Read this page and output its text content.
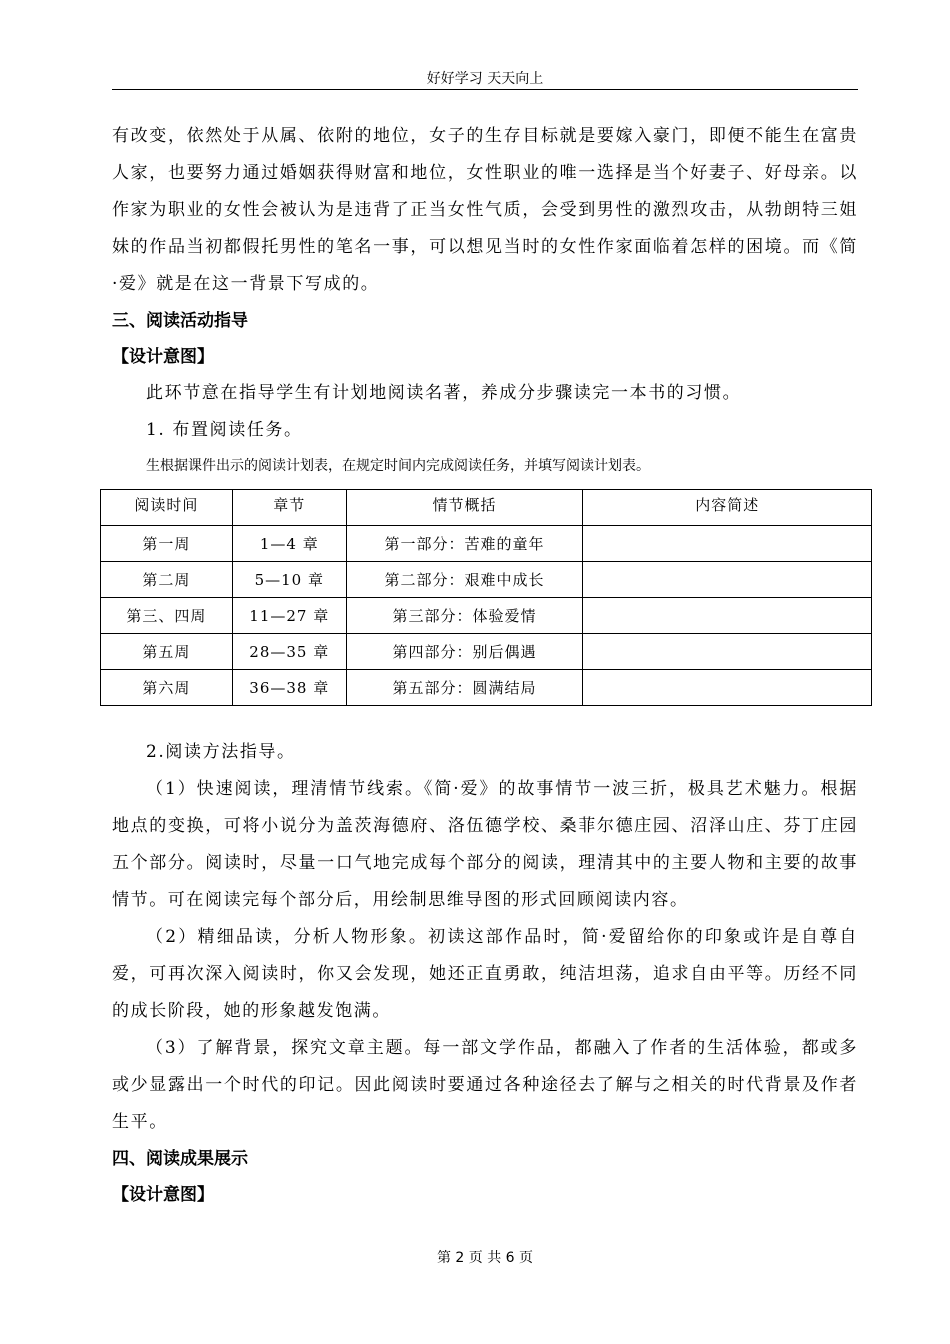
好好学习 天天向上

有改变，依然处于从属、依附的地位，女子的生存目标就是要嫁入豪门，即便不能生在富贵人家，也要努力通过婚姻获得财富和地位，女性职业的唯一选择是当个好妻子、好母亲。以作家为职业的女性会被认为是违背了正当女性气质，会受到男性的激烈攻击，从勃朗特三姐妹的作品当初都假托男性的笔名一事，可以想见当时的女性作家面临着怎样的困境。而《简·爱》就是在这一背景下写成的。

三、阅读活动指导

【设计意图】

此环节意在指导学生有计划地阅读名著，养成分步骤读完一本书的习惯。

1. 布置阅读任务。

生根据课件出示的阅读计划表，在规定时间内完成阅读任务，并填写阅读计划表。

阅读时间	章节	情节概括	内容简述
第一周	1—4 章	第一部分：苦难的童年	
第二周	5—10 章	第二部分：艰难中成长	
第三、四周	11—27 章	第三部分：体验爱情	
第五周	28—35 章	第四部分：别后偶遇	
第六周	36—38 章	第五部分：圆满结局	

2.阅读方法指导。

（1）快速阅读，理清情节线索。《简·爱》的故事情节一波三折，极具艺术魅力。根据地点的变换，可将小说分为盖茨海德府、洛伍德学校、桑菲尔德庄园、沼泽山庄、芬丁庄园五个部分。阅读时，尽量一口气地完成每个部分的阅读，理清其中的主要人物和主要的故事情节。可在阅读完每个部分后，用绘制思维导图的形式回顾阅读内容。

（2）精细品读，分析人物形象。初读这部作品时，简·爱留给你的印象或许是自尊自爱，可再次深入阅读时，你又会发现，她还正直勇敢，纯洁坦荡，追求自由平等。历经不同的成长阶段，她的形象越发饱满。

（3）了解背景，探究文章主题。每一部文学作品，都融入了作者的生活体验，都或多或少显露出一个时代的印记。因此阅读时要通过各种途径去了解与之相关的时代背景及作者生平。

四、阅读成果展示

【设计意图】

第 2 页 共 6 页
